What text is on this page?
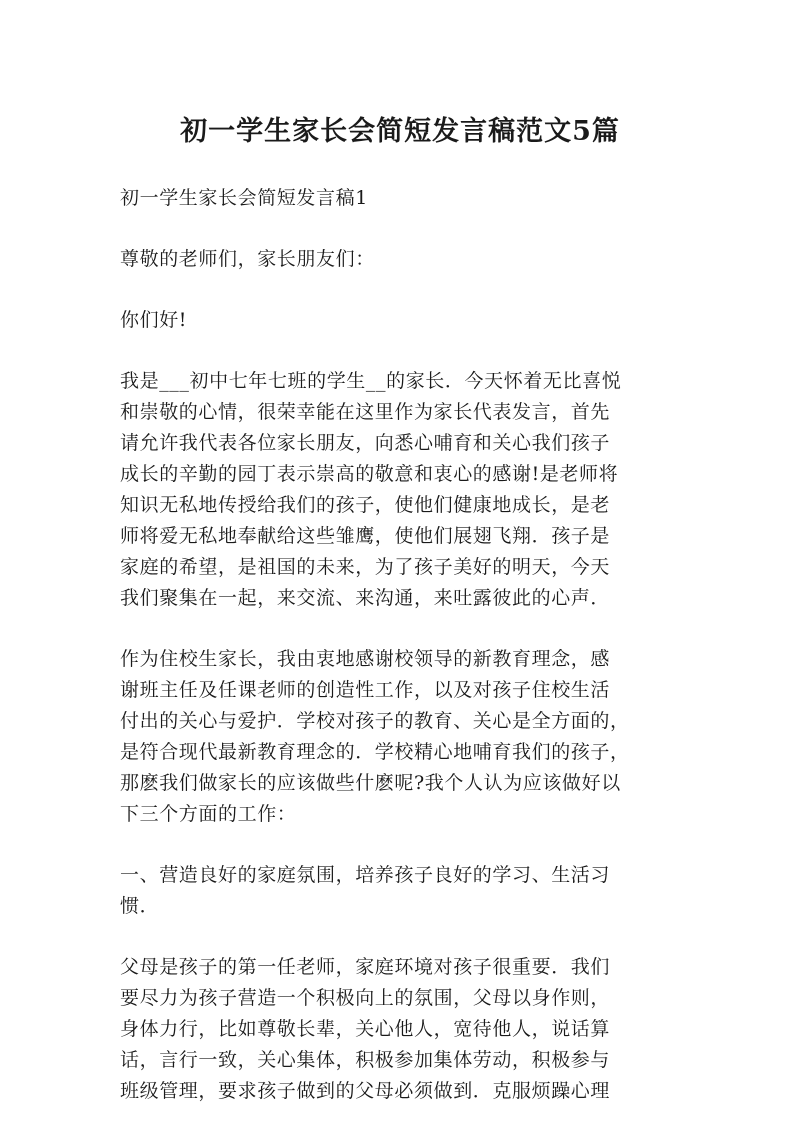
初一学生家长会简短发言稿范文5篇

初一学生家长会简短发言稿1

尊敬的老师们，家长朋友们：

你们好!

我是___初中七年七班的学生__的家长．今天怀着无比喜悦
和崇敬的心情，很荣幸能在这里作为家长代表发言，首先
请允许我代表各位家长朋友，向悉心哺育和关心我们孩子
成长的辛勤的园丁表示崇高的敬意和衷心的感谢!是老师将
知识无私地传授给我们的孩子，使他们健康地成长，是老
师将爱无私地奉献给这些雏鹰，使他们展翅飞翔．孩子是
家庭的希望，是祖国的未来，为了孩子美好的明天，今天
我们聚集在一起，来交流、来沟通，来吐露彼此的心声．

作为住校生家长，我由衷地感谢校领导的新教育理念，感
谢班主任及任课老师的创造性工作，以及对孩子住校生活
付出的关心与爱护．学校对孩子的教育、关心是全方面的，
是符合现代最新教育理念的．学校精心地哺育我们的孩子，
那麽我们做家长的应该做些什麽呢?我个人认为应该做好以
下三个方面的工作：

一、营造良好的家庭氛围，培养孩子良好的学习、生活习
惯．

父母是孩子的第一任老师，家庭环境对孩子很重要．我们
要尽力为孩子营造一个积极向上的氛围，父母以身作则，
身体力行，比如尊敬长辈，关心他人，宽待他人，说话算
话，言行一致，关心集体，积极参加集体劳动，积极参与
班级管理，要求孩子做到的父母必须做到．克服烦躁心理
